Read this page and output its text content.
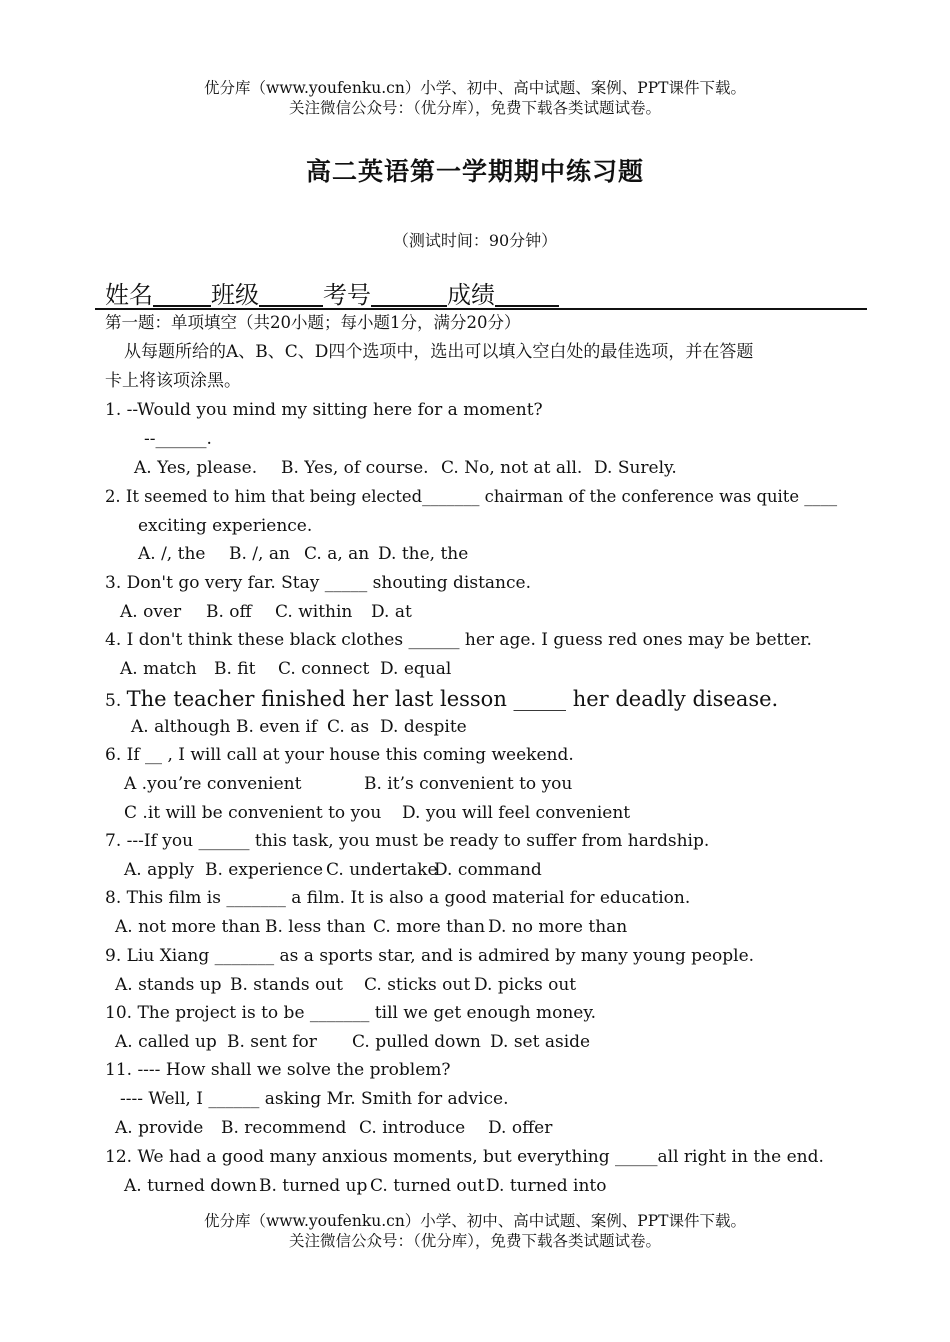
优分库（www.youfenku.cn）小学、初中、高中试题、案例、PPT课件下载。
关注微信公众号：（优分库），免费下载各类试题试卷。
高二英语第一学期期中练习题
（测试时间：90分钟）
姓名 班级	考号	成绩
第一题：单项填空（共20小题；每小题1分，满分20分）
从每题所给的A、B、C、D四个选项中，选出可以填入空白处的最佳选项，并在答题
卡上将该项涂黑。
1. --Would you mind my sitting here for a moment?
--______.
A. Yes, please. B. Yes, of course. C. No, not at all. D. Surely.
2. It seemed to him that being elected_______ chairman of the conference was quite ____
exciting experience.
A. /, the B. /, an C. a, an D. the, the
3. Don't go very far. Stay _____ shouting distance.
A. over B. off C. within D. at
4. I don't think these black clothes ______ her age. I guess red ones may be better.
A. match B. fit C. connect D. equal
5. The teacher finished her last lesson _____ her deadly disease.
A. although B. even if C. as D. despite
6. If __ , I will call at your house this coming weekend.
A .you’re convenient	B. it’s convenient to you
C .it will be convenient to you D. you will feel convenient
7. ---If you ______ this task, you must be ready to suffer from hardship.
A. apply B. experience C. undertake
D. command
8. This film is _______ a film. It is also a good material for education.
A. not more than B. less than C. more than D. no more than
9. Liu Xiang _______ as a sports star, and is admired by many young people.
A. stands up B. stands out C. sticks out D. picks out
10. The project is to be _______ till we get enough money.
A. called up B. sent for C. pulled down D. set aside
11. ---- How shall we solve the problem?
---- Well, I ______ asking Mr. Smith for advice.
A. provide B. recommend C. introduce D. offer
12. We had a good many anxious moments, but everything _____all right in the end.
A. turned down B. turned up C. turned out D. turned into
优分库（www.youfenku.cn）小学、初中、高中试题、案例、PPT课件下载。
关注微信公众号：（优分库），免费下载各类试题试卷。
